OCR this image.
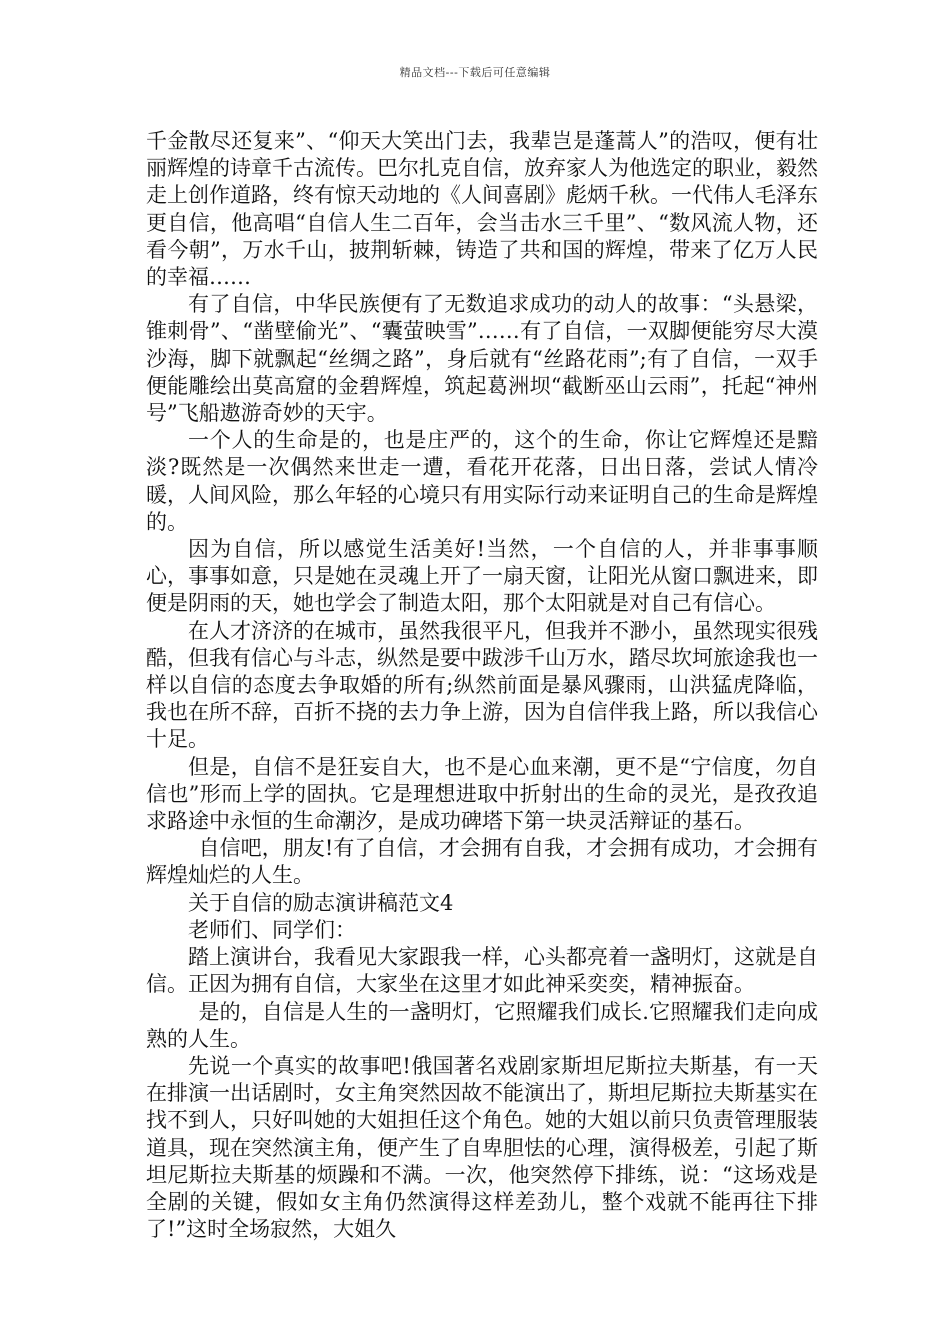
精品文档---下载后可任意编辑

千金散尽还复来”、“仰天大笑出门去，我辈岂是蓬蒿人”的浩叹，便有壮丽辉煌的诗章千古流传。巴尔扎克自信，放弃家人为他选定的职业，毅然走上创作道路，终有惊天动地的《人间喜剧》彪炳千秋。一代伟人毛泽东更自信，他高唱“自信人生二百年，会当击水三千里”、“数风流人物，还看今朝”，万水千山，披荆斩棘，铸造了共和国的辉煌，带来了亿万人民的幸福……

有了自信，中华民族便有了无数追求成功的动人的故事：“头悬梁，锥刺骨”、“凿壁偷光”、“囊萤映雪”……有了自信，一双脚便能穷尽大漠沙海，脚下就飘起“丝绸之路”，身后就有“丝路花雨”;有了自信，一双手便能雕绘出莫高窟的金碧辉煌，筑起葛洲坝“截断巫山云雨”，托起“神州号”飞船遨游奇妙的天宇。

一个人的生命是的，也是庄严的，这个的生命，你让它辉煌还是黯淡?既然是一次偶然来世走一遭，看花开花落，日出日落，尝试人情冷暖，人间风险，那么年轻的心境只有用实际行动来证明自己的生命是辉煌的。

因为自信，所以感觉生活美好!当然，一个自信的人，并非事事顺心，事事如意，只是她在灵魂上开了一扇天窗，让阳光从窗口飘进来，即便是阴雨的天，她也学会了制造太阳，那个太阳就是对自己有信心。

在人才济济的在城市，虽然我很平凡，但我并不渺小，虽然现实很残酷，但我有信心与斗志，纵然是要中跋涉千山万水，踏尽坎坷旅途我也一样以自信的态度去争取婚的所有;纵然前面是暴风骤雨，山洪猛虎降临，我也在所不辞，百折不挠的去力争上游，因为自信伴我上路，所以我信心十足。

但是，自信不是狂妄自大，也不是心血来潮，更不是“宁信度，勿自信也”形而上学的固执。它是理想进取中折射出的生命的灵光，是孜孜追求路途中永恒的生命潮汐，是成功碑塔下第一块灵活辩证的基石。

自信吧，朋友!有了自信，才会拥有自我，才会拥有成功，才会拥有辉煌灿烂的人生。

关于自信的励志演讲稿范文4

老师们、同学们：

踏上演讲台，我看见大家跟我一样，心头都亮着一盏明灯，这就是自信。正因为拥有自信，大家坐在这里才如此神采奕奕，精神振奋。

是的，自信是人生的一盏明灯，它照耀我们成长.它照耀我们走向成熟的人生。

先说一个真实的故事吧!俄国著名戏剧家斯坦尼斯拉夫斯基，有一天在排演一出话剧时，女主角突然因故不能演出了，斯坦尼斯拉夫斯基实在找不到人，只好叫她的大姐担任这个角色。她的大姐以前只负责管理服装道具，现在突然演主角，便产生了自卑胆怯的心理，演得极差，引起了斯坦尼斯拉夫斯基的烦躁和不满。一次，他突然停下排练，说：“这场戏是全剧的关键，假如女主角仍然演得这样差劲儿，整个戏就不能再往下排了!”这时全场寂然，大姐久
